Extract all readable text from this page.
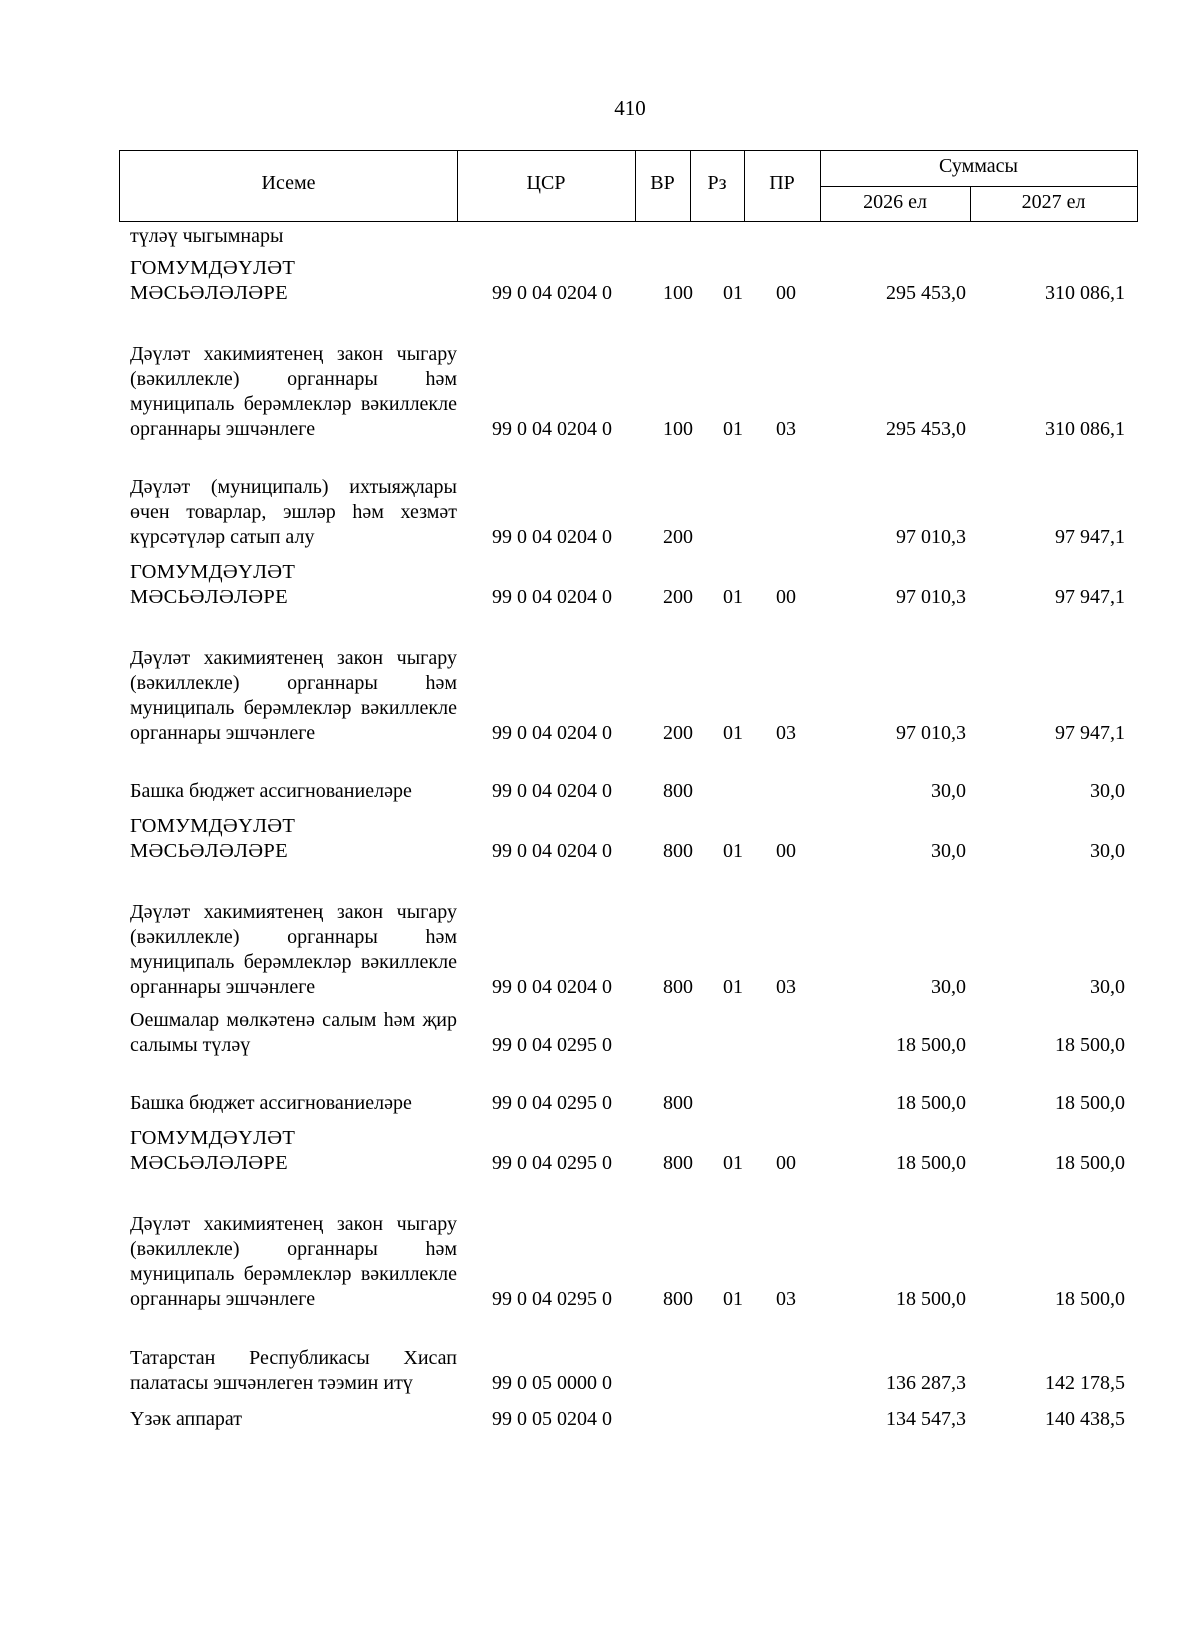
410
Исеме	ЦСР	ВР	Рз	ПР
Суммасы
2026 ел	2027 ел
түләү чыгымнары
ГОМУМДӘҮЛӘТ МӘСЬӘЛӘЛӘРЕ	99 0 04 0204 0	100 01 00	295 453,0	310 086,1
Дәүләт хакимиятенең закон чыгару (вәкиллекле) органнары һәм муниципаль берәмлекләр вәкиллекле органнары эшчәнлеге	99 0 04 0204 0	100 01 03	295 453,0	310 086,1
Дәүләт (муниципаль) ихтыяҗлары өчен товарлар, эшләр һәм хезмәт күрсәтүләр сатып алу	99 0 04 0204 0	200	97 010,3	97 947,1
ГОМУМДӘҮЛӘТ МӘСЬӘЛӘЛӘРЕ	99 0 04 0204 0	200 01 00	97 010,3	97 947,1
Дәүләт хакимиятенең закон чыгару (вәкиллекле) органнары һәм муниципаль берәмлекләр вәкиллекле органнары эшчәнлеге	99 0 04 0204 0	200 01 03	97 010,3	97 947,1
Башка бюджет ассигнованиеләре	99 0 04 0204 0	800	30,0	30,0
ГОМУМДӘҮЛӘТ МӘСЬӘЛӘЛӘРЕ	99 0 04 0204 0	800 01 00	30,0	30,0
Дәүләт хакимиятенең закон чыгару (вәкиллекле) органнары һәм муниципаль берәмлекләр вәкиллекле органнары эшчәнлеге	99 0 04 0204 0	800 01 03	30,0	30,0
Оешмалар мөлкәтенә салым һәм җир салымы түләү	99 0 04 0295 0	18 500,0	18 500,0
Башка бюджет ассигнованиеләре	99 0 04 0295 0	800	18 500,0	18 500,0
ГОМУМДӘҮЛӘТ МӘСЬӘЛӘЛӘРЕ	99 0 04 0295 0	800 01 00	18 500,0	18 500,0
Дәүләт хакимиятенең закон чыгару (вәкиллекле) органнары һәм муниципаль берәмлекләр вәкиллекле органнары эшчәнлеге	99 0 04 0295 0	800 01 03	18 500,0	18 500,0
Татарстан Республикасы Хисап палатасы эшчәнлеген тәэмин итү	99 0 05 0000 0	136 287,3	142 178,5
Үзәк аппарат	99 0 05 0204 0	134 547,3	140 438,5
